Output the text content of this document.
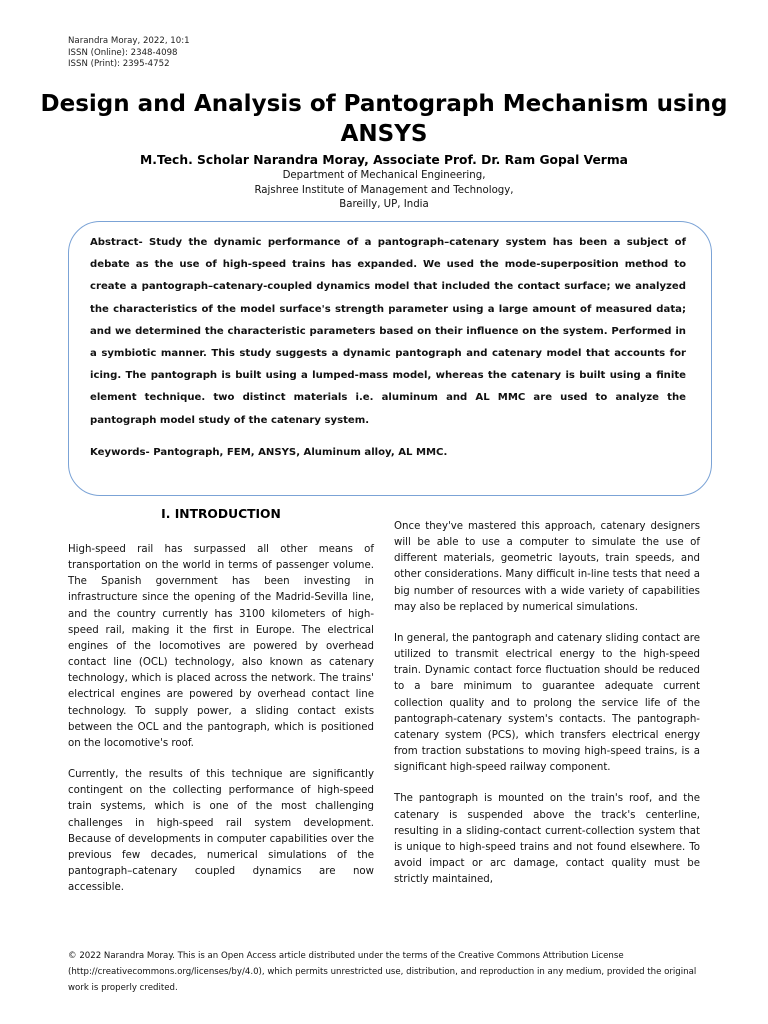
Narandra Moray, 2022, 10:1
ISSN (Online): 2348-4098
ISSN (Print): 2395-4752
Design and Analysis of Pantograph Mechanism using ANSYS
M.Tech. Scholar Narandra Moray, Associate Prof. Dr. Ram Gopal Verma
Department of Mechanical Engineering,
Rajshree Institute of Management and Technology,
Bareilly, UP, India

Abstract- Study the dynamic performance of a pantograph–catenary system has been a subject of debate as the use of high-speed trains has expanded. We used the mode-superposition method to create a pantograph–catenary-coupled dynamics model that included the contact surface; we analyzed the characteristics of the model surface's strength parameter using a large amount of measured data; and we determined the characteristic parameters based on their influence on the system. Performed in a symbiotic manner. This study suggests a dynamic pantograph and catenary model that accounts for icing. The pantograph is built using a lumped-mass model, whereas the catenary is built using a finite element technique. two distinct materials i.e. aluminum and AL MMC are used to analyze the pantograph model study of the catenary system.

Keywords- Pantograph, FEM, ANSYS, Aluminum alloy, AL MMC.

I. INTRODUCTION

High-speed rail has surpassed all other means of transportation on the world in terms of passenger volume. The Spanish government has been investing in infrastructure since the opening of the Madrid-Sevilla line, and the country currently has 3100 kilometers of high-speed rail, making it the first in Europe. The electrical engines of the locomotives are powered by overhead contact line (OCL) technology, also known as catenary technology, which is placed across the network. The trains' electrical engines are powered by overhead contact line technology. To supply power, a sliding contact exists between the OCL and the pantograph, which is positioned on the locomotive's roof.

Currently, the results of this technique are significantly contingent on the collecting performance of high-speed train systems, which is one of the most challenging challenges in high-speed rail system development. Because of developments in computer capabilities over the previous few decades, numerical simulations of the pantograph–catenary coupled dynamics are now accessible.

Once they've mastered this approach, catenary designers will be able to use a computer to simulate the use of different materials, geometric layouts, train speeds, and other considerations. Many difficult in-line tests that need a big number of resources with a wide variety of capabilities may also be replaced by numerical simulations.

In general, the pantograph and catenary sliding contact are utilized to transmit electrical energy to the high-speed train. Dynamic contact force fluctuation should be reduced to a bare minimum to guarantee adequate current collection quality and to prolong the service life of the pantograph-catenary system's contacts. The pantograph-catenary system (PCS), which transfers electrical energy from traction substations to moving high-speed trains, is a significant high-speed railway component.

The pantograph is mounted on the train's roof, and the catenary is suspended above the track's centerline, resulting in a sliding-contact current-collection system that is unique to high-speed trains and not found elsewhere. To avoid impact or arc damage, contact quality must be strictly maintained,

© 2022 Narandra Moray. This is an Open Access article distributed under the terms of the Creative Commons Attribution License (http://creativecommons.org/licenses/by/4.0), which permits unrestricted use, distribution, and reproduction in any medium, provided the original work is properly credited.
